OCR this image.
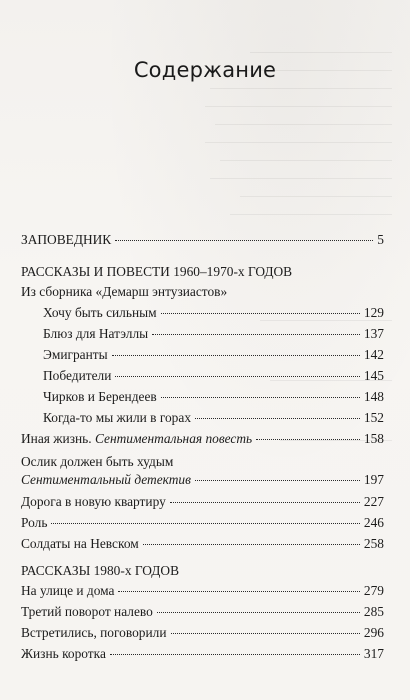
Содержание
ЗАПОВЕДНИК	5
РАССКАЗЫ И ПОВЕСТИ 1960–1970-х ГОДОВ
Из сборника «Демарш энтузиастов»
Хочу быть сильным	129
Блюз для Натэллы	137
Эмигранты	142
Победители	145
Чирков и Берендеев	148
Когда-то мы жили в горах	152
Иная жизнь. Сентиментальная повесть	158
Ослик должен быть худым
Сентиментальный детектив	197
Дорога в новую квартиру	227
Роль	246
Солдаты на Невском	258
РАССКАЗЫ 1980-х ГОДОВ
На улице и дома	279
Третий поворот налево	285
Встретились, поговорили	296
Жизнь коротка	317
